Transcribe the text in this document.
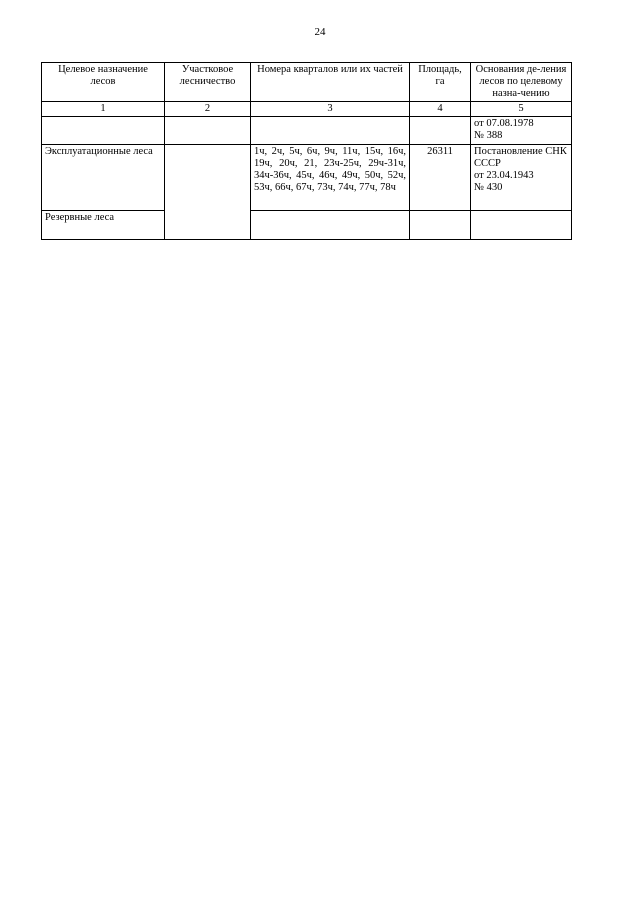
24
Целевое назначение лесов	Участковое лесничество	Номера кварталов или их частей	Площадь, га	Основания де-ления лесов по целевому назна-чению
1	2	3	4	5
				от 07.08.1978
№ 388
Эксплуатационные леса		1ч, 2ч, 5ч, 6ч, 9ч, 11ч, 15ч, 16ч, 19ч, 20ч, 21, 23ч-25ч, 29ч-31ч, 34ч-36ч, 45ч, 46ч, 49ч, 50ч, 52ч, 53ч, 66ч, 67ч, 73ч, 74ч, 77ч, 78ч	26311	Постановление СНК СССР
от 23.04.1943
№ 430
Резервные леса				
